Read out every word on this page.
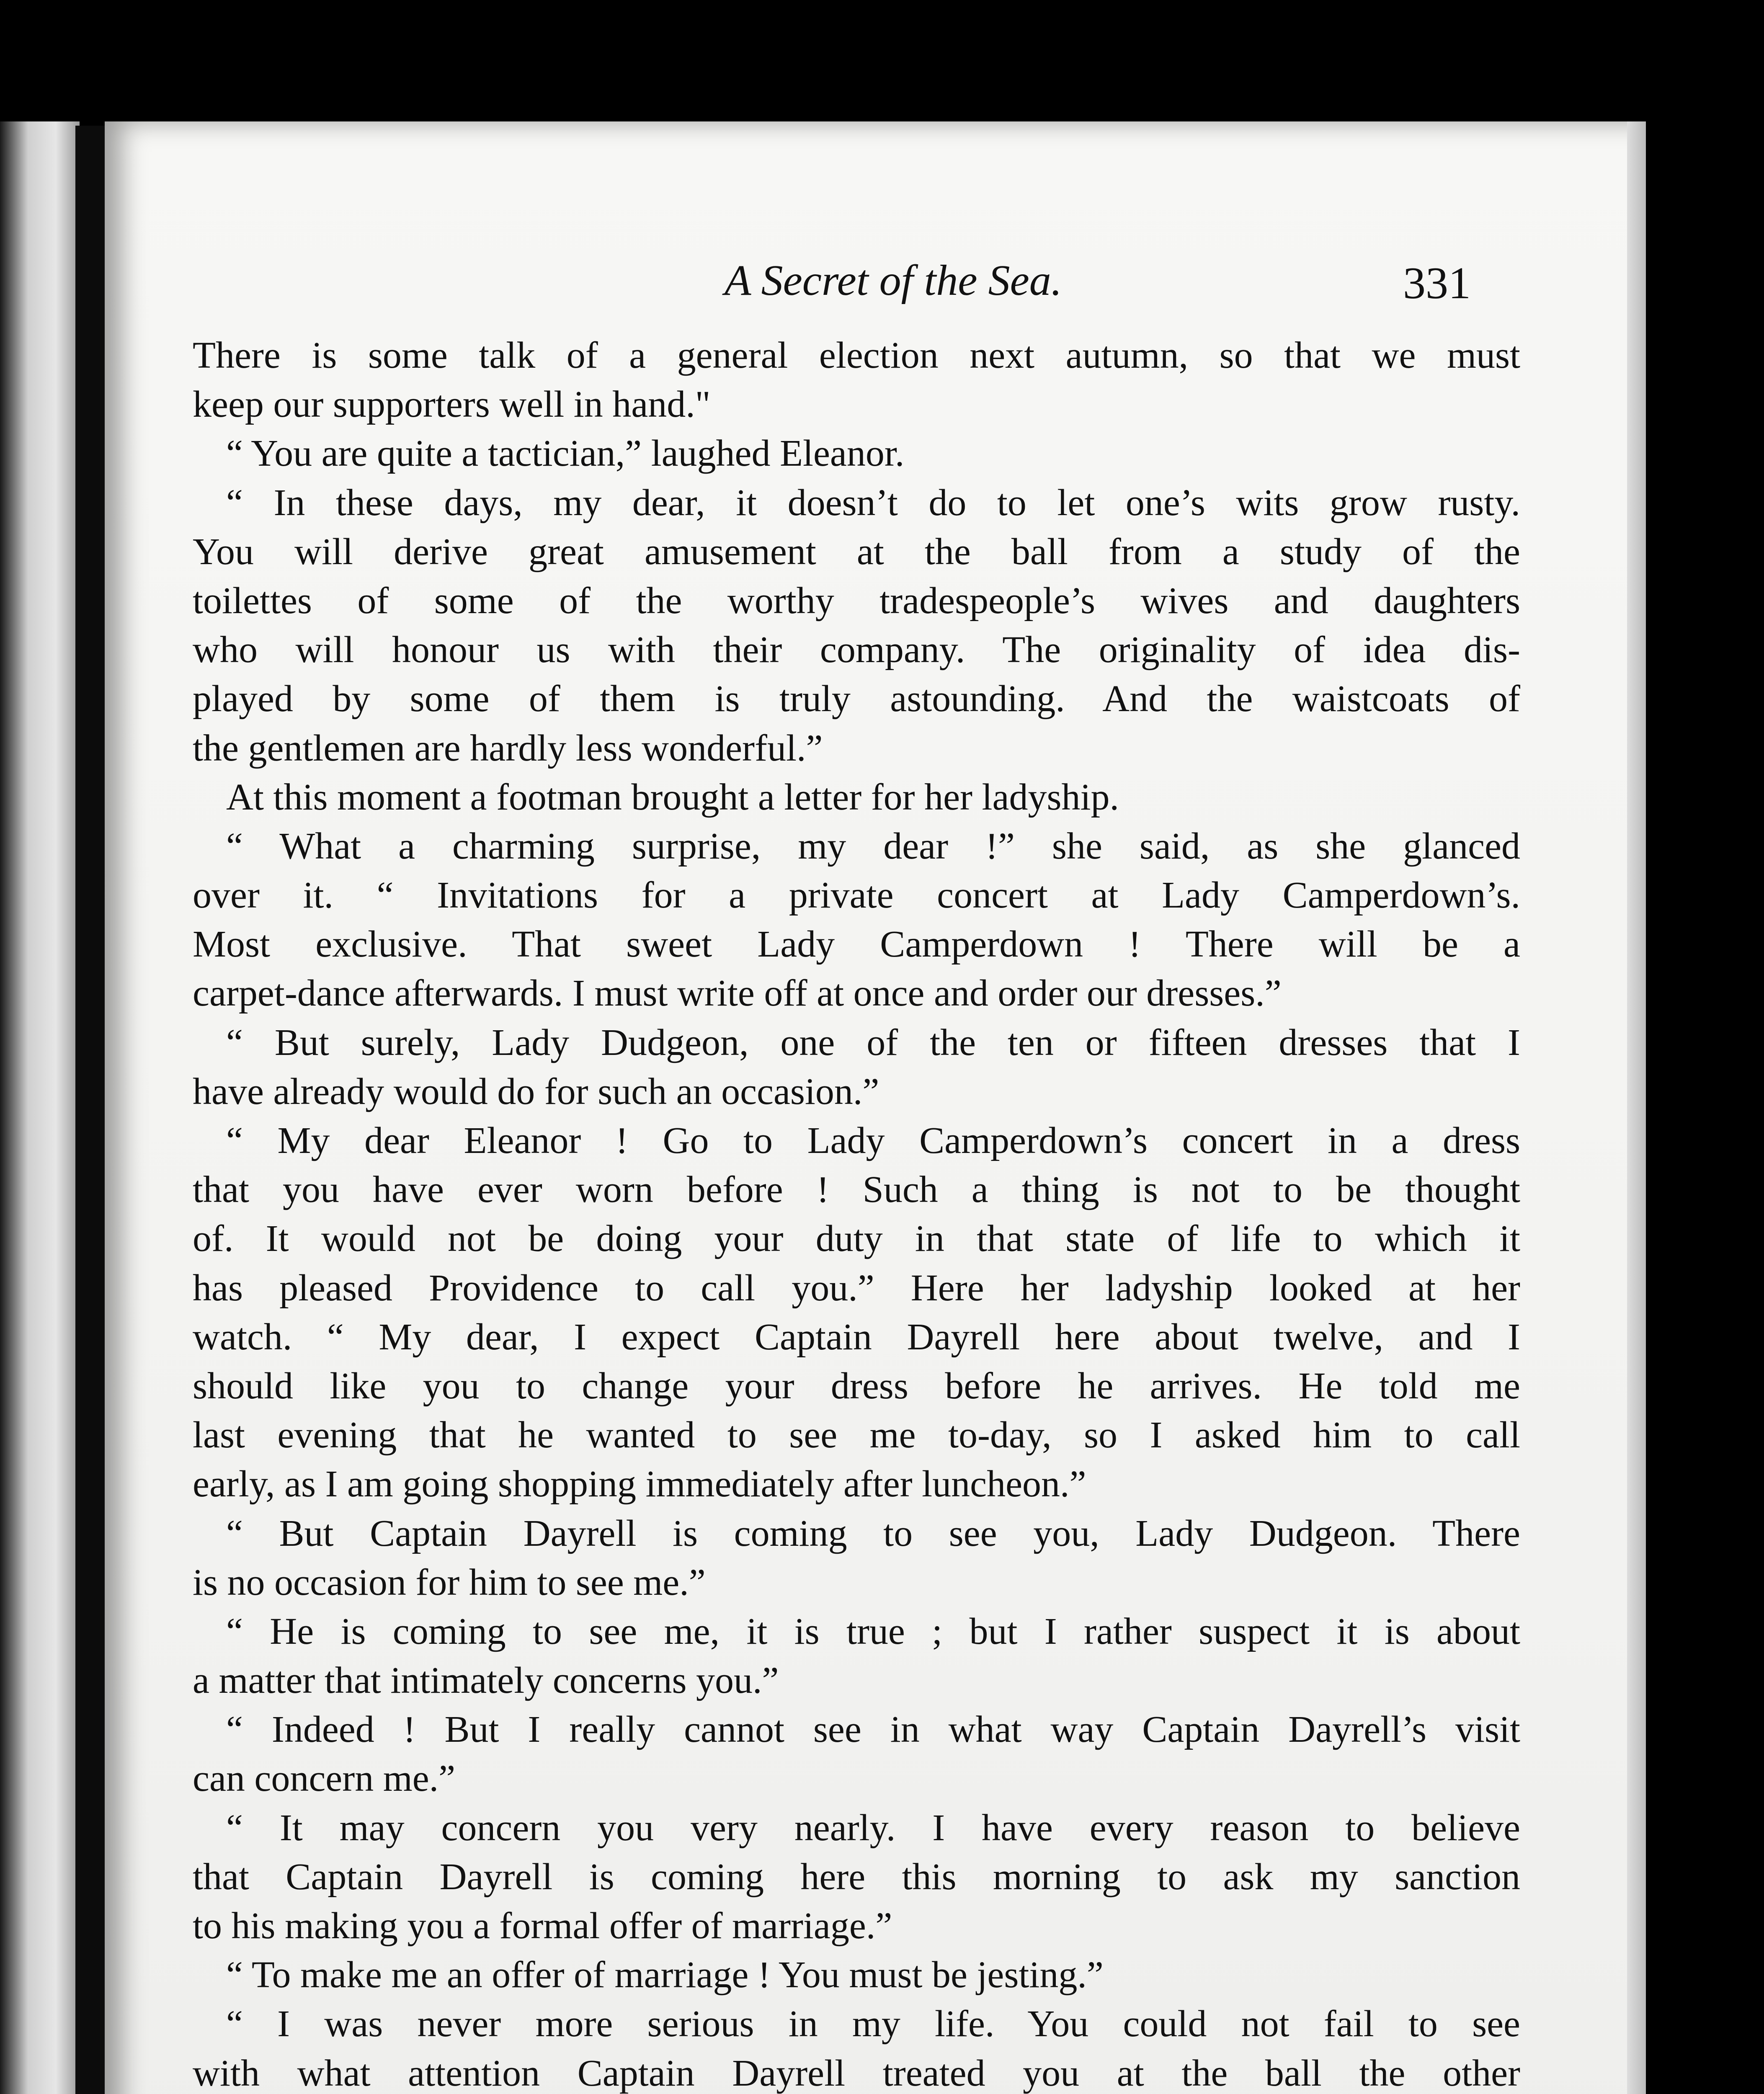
A Secret of the Sea.	331
There is some talk of a general election next autumn, so that we must
keep our supporters well in hand."
“ You are quite a tactician,” laughed Eleanor.
“ In these days, my dear, it doesn’t do to let one’s wits grow rusty.
You will derive great amusement at the ball from a study of the
toilettes of some of the worthy tradespeople’s wives and daughters
who will honour us with their company. The originality of idea dis-
played by some of them is truly astounding. And the waistcoats of
the gentlemen are hardly less wonderful.”
At this moment a footman brought a letter for her ladyship.
“ What a charming surprise, my dear !” she said, as she glanced
over it. “ Invitations for a private concert at Lady Camperdown’s.
Most exclusive. That sweet Lady Camperdown ! There will be a
carpet-dance afterwards. I must write off at once and order our dresses.”
“ But surely, Lady Dudgeon, one of the ten or fifteen dresses that I
have already would do for such an occasion.”
“ My dear Eleanor ! Go to Lady Camperdown’s concert in a dress
that you have ever worn before ! Such a thing is not to be thought
of. It would not be doing your duty in that state of life to which it
has pleased Providence to call you.” Here her ladyship looked at her
watch. “ My dear, I expect Captain Dayrell here about twelve, and I
should like you to change your dress before he arrives. He told me
last evening that he wanted to see me to-day, so I asked him to call
early, as I am going shopping immediately after luncheon.”
“ But Captain Dayrell is coming to see you, Lady Dudgeon. There
is no occasion for him to see me.”
“ He is coming to see me, it is true ; but I rather suspect it is about
a matter that intimately concerns you.”
“ Indeed ! But I really cannot see in what way Captain Dayrell’s visit
can concern me.”
“ It may concern you very nearly. I have every reason to believe
that Captain Dayrell is coming here this morning to ask my sanction
to his making you a formal offer of marriage.”
“ To make me an offer of marriage ! You must be jesting.”
“ I was never more serious in my life. You could not fail to see
with what attention Captain Dayrell treated you at the ball the other
